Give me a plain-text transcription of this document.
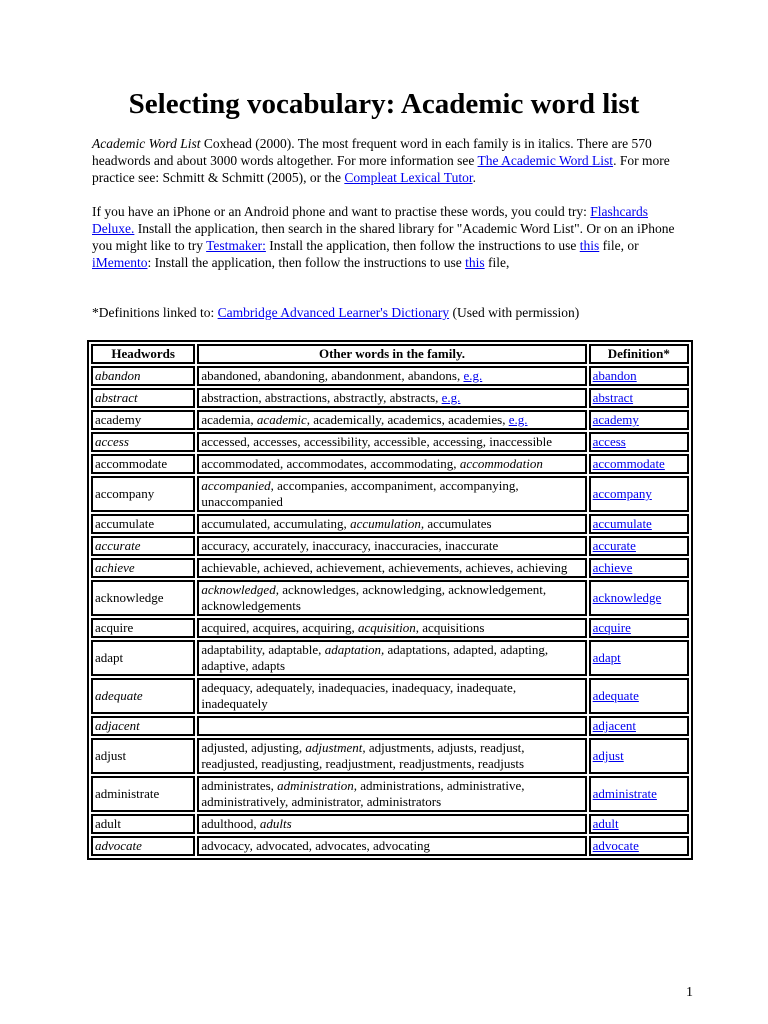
Selecting vocabulary: Academic word list

Academic Word List Coxhead (2000). The most frequent word in each family is in italics. There are 570 headwords and about 3000 words altogether. For more information see The Academic Word List. For more practice see: Schmitt & Schmitt (2005), or the Compleat Lexical Tutor.

If you have an iPhone or an Android phone and want to practise these words, you could try: Flashcards Deluxe. Install the application, then search in the shared library for "Academic Word List". Or on an iPhone you might like to try Testmaker: Install the application, then follow the instructions to use this file, or iMemento: Install the application, then follow the instructions to use this file,

*Definitions linked to: Cambridge Advanced Learner's Dictionary (Used with permission)

Headwords	Other words in the family.	Definition*
abandon	abandoned, abandoning, abandonment, abandons, e.g.	abandon
abstract	abstraction, abstractions, abstractly, abstracts, e.g.	abstract
academy	academia, academic, academically, academics, academies, e.g.	academy
access	accessed, accesses, accessibility, accessible, accessing, inaccessible	access
accommodate	accommodated, accommodates, accommodating, accommodation	accommodate
accompany	accompanied, accompanies, accompaniment, accompanying, unaccompanied	accompany
accumulate	accumulated, accumulating, accumulation, accumulates	accumulate
accurate	accuracy, accurately, inaccuracy, inaccuracies, inaccurate	accurate
achieve	achievable, achieved, achievement, achievements, achieves, achieving	achieve
acknowledge	acknowledged, acknowledges, acknowledging, acknowledgement, acknowledgements	acknowledge
acquire	acquired, acquires, acquiring, acquisition, acquisitions	acquire
adapt	adaptability, adaptable, adaptation, adaptations, adapted, adapting, adaptive, adapts	adapt
adequate	adequacy, adequately, inadequacies, inadequacy, inadequate, inadequately	adequate
adjacent		adjacent
adjust	adjusted, adjusting, adjustment, adjustments, adjusts, readjust, readjusted, readjusting, readjustment, readjustments, readjusts	adjust
administrate	administrates, administration, administrations, administrative, administratively, administrator, administrators	administrate
adult	adulthood, adults	adult
advocate	advocacy, advocated, advocates, advocating	advocate
1
